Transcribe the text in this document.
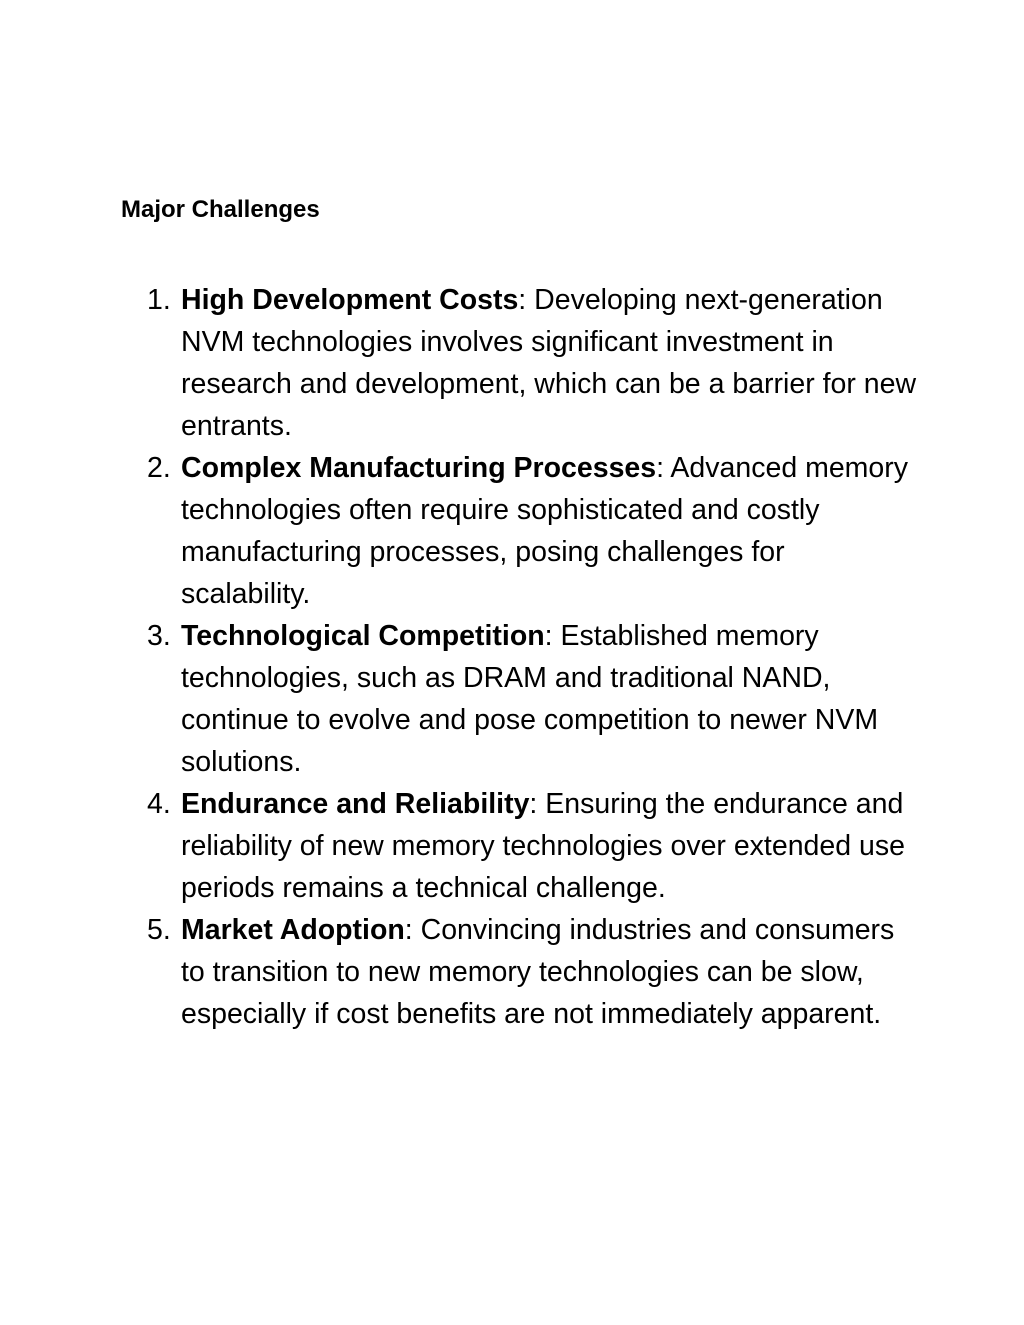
Major Challenges
1. High Development Costs: Developing next-generation NVM technologies involves significant investment in research and development, which can be a barrier for new entrants.
2. Complex Manufacturing Processes: Advanced memory technologies often require sophisticated and costly manufacturing processes, posing challenges for scalability.
3. Technological Competition: Established memory technologies, such as DRAM and traditional NAND, continue to evolve and pose competition to newer NVM solutions.
4. Endurance and Reliability: Ensuring the endurance and reliability of new memory technologies over extended use periods remains a technical challenge.
5. Market Adoption: Convincing industries and consumers to transition to new memory technologies can be slow, especially if cost benefits are not immediately apparent.
